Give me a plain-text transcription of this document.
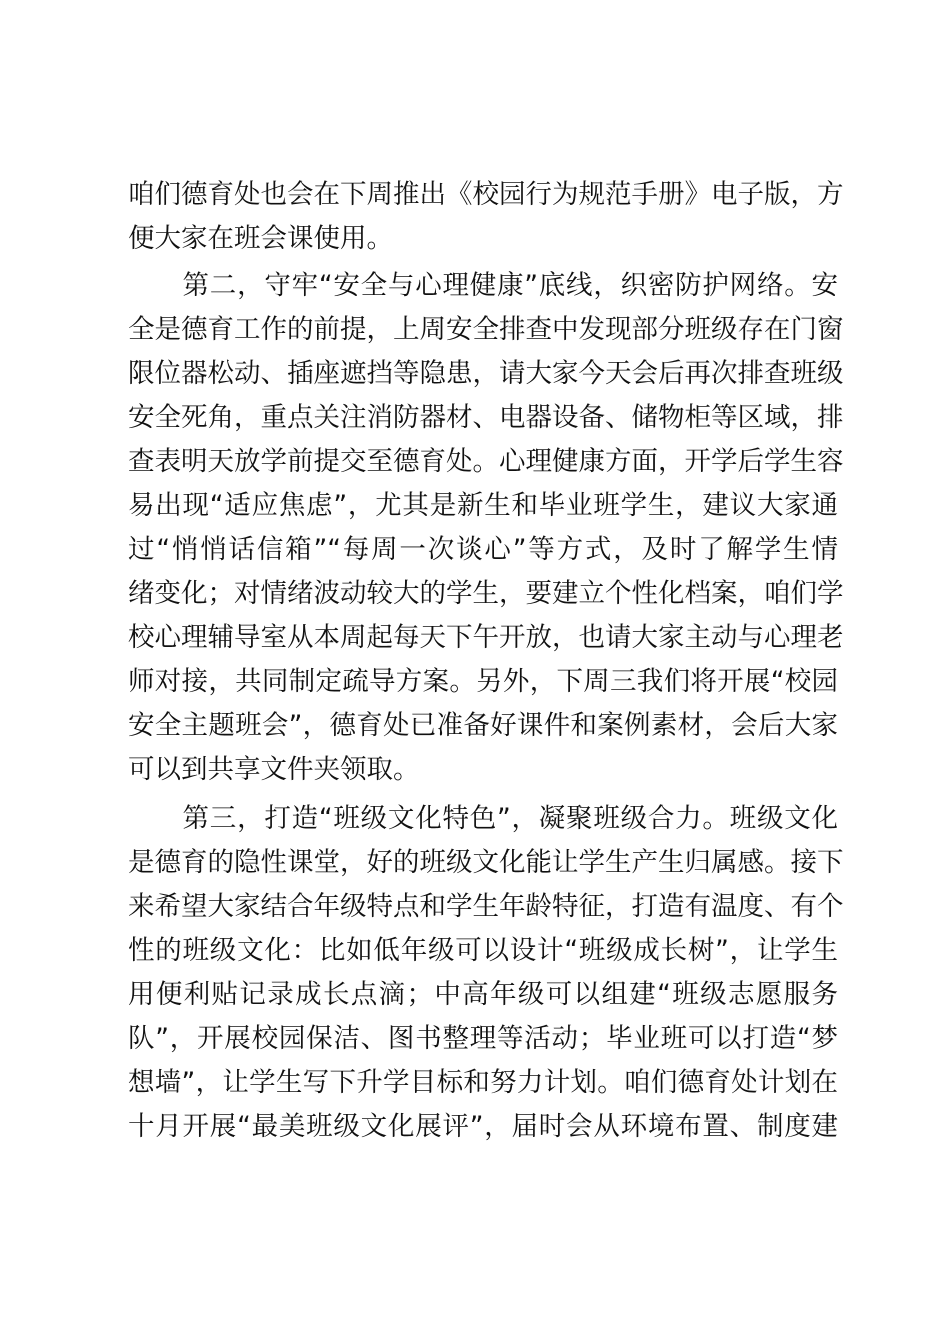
咱们德育处也会在下周推出《校园行为规范手册》电子版，方
便大家在班会课使用。
　　第二，守牢“安全与心理健康”底线，织密防护网络。安
全是德育工作的前提，上周安全排查中发现部分班级存在门窗
限位器松动、插座遮挡等隐患，请大家今天会后再次排查班级
安全死角，重点关注消防器材、电器设备、储物柜等区域，排
查表明天放学前提交至德育处。心理健康方面，开学后学生容
易出现“适应焦虑”，尤其是新生和毕业班学生，建议大家通
过“悄悄话信箱”“每周一次谈心”等方式，及时了解学生情
绪变化；对情绪波动较大的学生，要建立个性化档案，咱们学
校心理辅导室从本周起每天下午开放，也请大家主动与心理老
师对接，共同制定疏导方案。另外，下周三我们将开展“校园
安全主题班会”，德育处已准备好课件和案例素材，会后大家
可以到共享文件夹领取。
　　第三，打造“班级文化特色”，凝聚班级合力。班级文化
是德育的隐性课堂，好的班级文化能让学生产生归属感。接下
来希望大家结合年级特点和学生年龄特征，打造有温度、有个
性的班级文化：比如低年级可以设计“班级成长树”，让学生
用便利贴记录成长点滴；中高年级可以组建“班级志愿服务
队”，开展校园保洁、图书整理等活动；毕业班可以打造“梦
想墙”，让学生写下升学目标和努力计划。咱们德育处计划在
十月开展“最美班级文化展评”，届时会从环境布置、制度建
